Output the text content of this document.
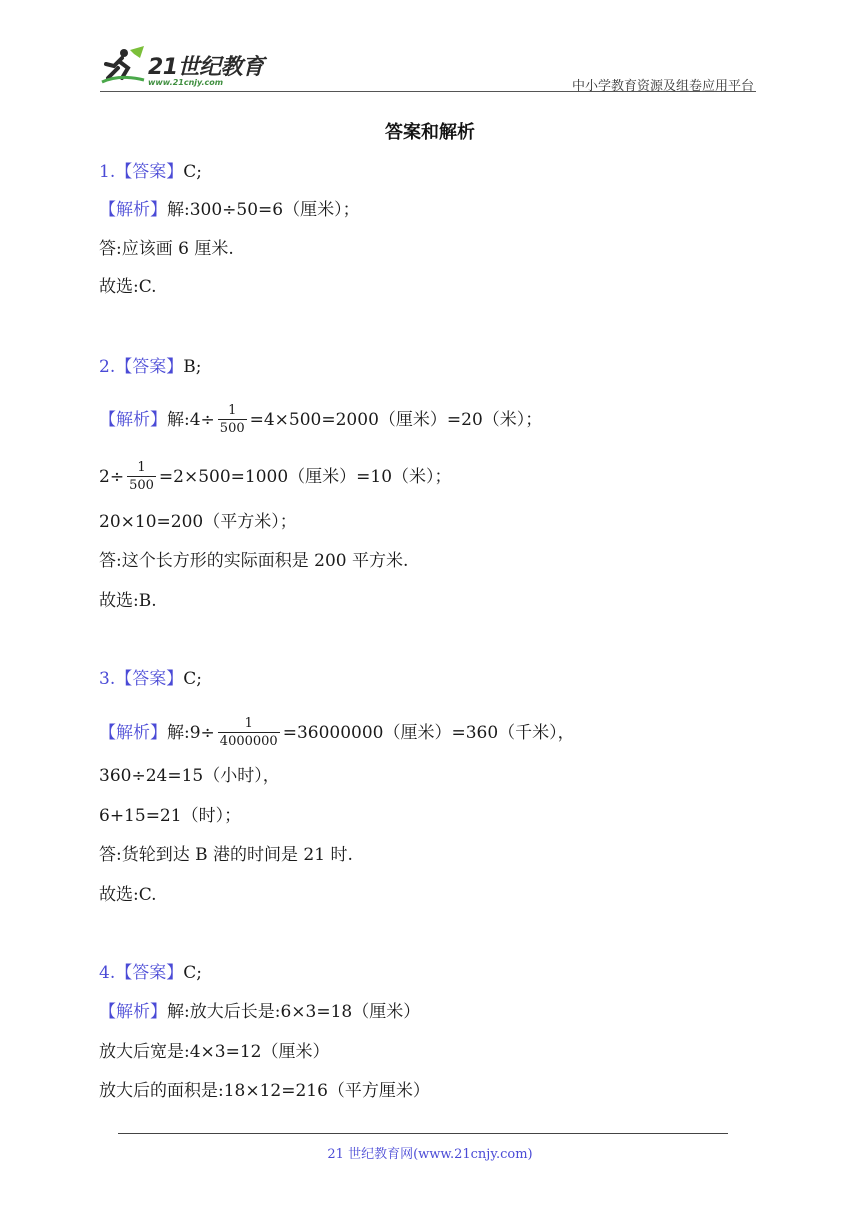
21世纪教育
www.21cnjy.com	中小学教育资源及组卷应用平台
答案和解析
1. 【答案】 C;
【解析】 解:300÷50=6（厘米）；
答:应该画 6 厘米.
故选:C.
2. 【答案】 B;
【解析】 解:4÷ $\frac{1}{500} =4\times 500=2000$（厘米）=20（米）；
$2\div \frac{1}{500} =2\times 500=1000$（厘米）=10（米）；
20×10=200（平方米）；
答:这个长方形的实际面积是 200 平方米.
故选:B.
3. 【答案】 C;
【解析】 解:9÷ $\frac{1}{4000000} =36000000$（厘米）=360（千米），
360÷24=15（小时），
6+15=21（时）；
答:货轮到达 B 港的时间是 21 时.
故选:C.
4. 【答案】 C;
【解析】 解:放大后长是:6×3=18（厘米）
放大后宽是:4×3=12（厘米）
放大后的面积是:18×12=216（平方厘米）
21 世纪教育网(www.21cnjy.com)
